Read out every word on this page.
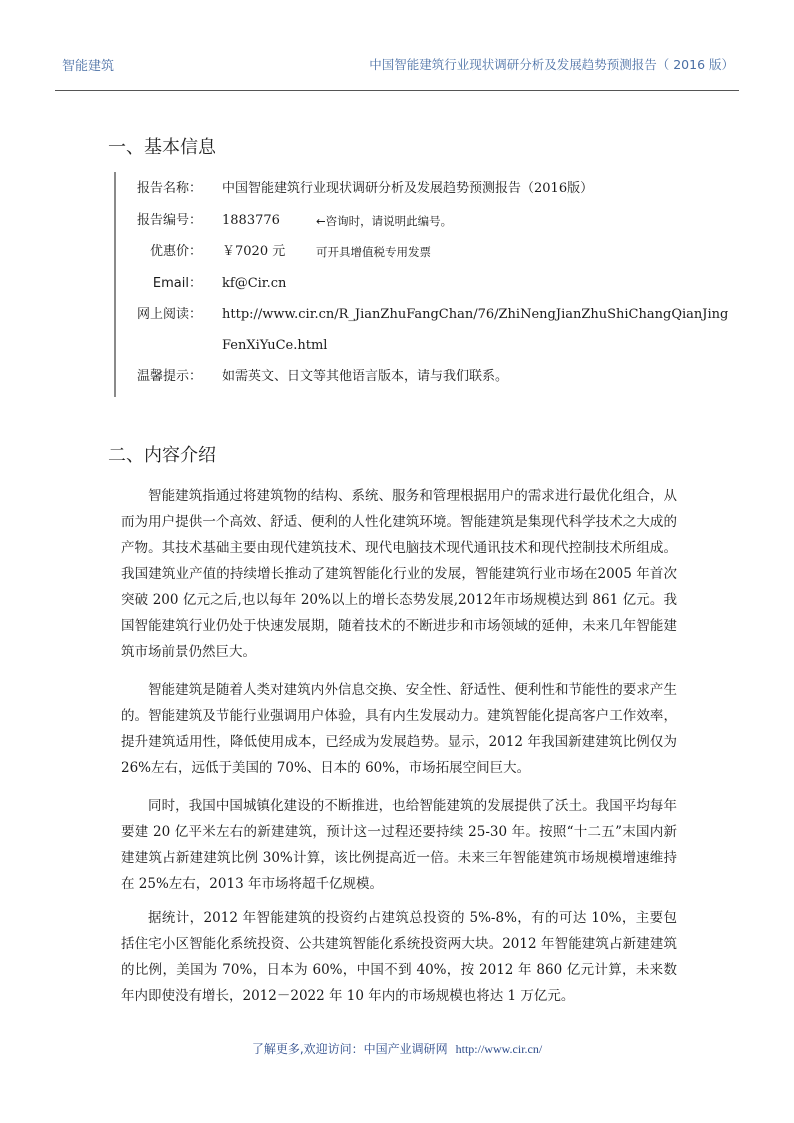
智能建筑	中国智能建筑行业现状调研分析及发展趋势预测报告（ 2016 版）
一、基本信息
报告名称： 中国智能建筑行业现状调研分析及发展趋势预测报告（2016版）
报告编号： 1883776	←咨询时，请说明此编号。
优惠价： ￥7020 元	可开具增值税专用发票
Email： kf@Cir.cn
网上阅读： http://www.cir.cn/R_JianZhuFangChan/76/ZhiNengJianZhuShiChangQianJing
FenXiYuCe.html
温馨提示： 如需英文、日文等其他语言版本，请与我们联系。
二、内容介绍

智能建筑指通过将建筑物的结构、系统、服务和管理根据用户的需求进行最优化组合，从而为用户提供一个高效、舒适、便利的人性化建筑环境。智能建筑是集现代科学技术之大成的产物。其技术基础主要由现代建筑技术、现代电脑技术现代通讯技术和现代控制技术所组成。我国建筑业产值的持续增长推动了建筑智能化行业的发展，智能建筑行业市场在2005 年首次突破 200 亿元之后,也以每年 20%以上的增长态势发展,2012年市场规模达到 861 亿元。我国智能建筑行业仍处于快速发展期，随着技术的不断进步和市场领域的延伸，未来几年智能建筑市场前景仍然巨大。

智能建筑是随着人类对建筑内外信息交换、安全性、舒适性、便利性和节能性的要求产生的。智能建筑及节能行业强调用户体验，具有内生发展动力。建筑智能化提高客户工作效率，提升建筑适用性，降低使用成本，已经成为发展趋势。显示，2012 年我国新建建筑比例仅为 26%左右，远低于美国的 70%、日本的 60%，市场拓展空间巨大。

同时，我国中国城镇化建设的不断推进，也给智能建筑的发展提供了沃土。我国平均每年要建 20 亿平米左右的新建建筑，预计这一过程还要持续 25-30 年。按照“十二五”末国内新建建筑占新建建筑比例 30%计算，该比例提高近一倍。未来三年智能建筑市场规模增速维持在 25%左右，2013 年市场将超千亿规模。

据统计，2012 年智能建筑的投资约占建筑总投资的 5%-8%，有的可达 10%，主要包括住宅小区智能化系统投资、公共建筑智能化系统投资两大块。2012 年智能建筑占新建建筑的比例，美国为 70%，日本为 60%，中国不到 40%，按 2012 年 860 亿元计算，未来数年内即使没有增长，2012－2022 年 10 年内的市场规模也将达 1 万亿元。

了解更多,欢迎访问：中国产业调研网 http://www.cir.cn/
